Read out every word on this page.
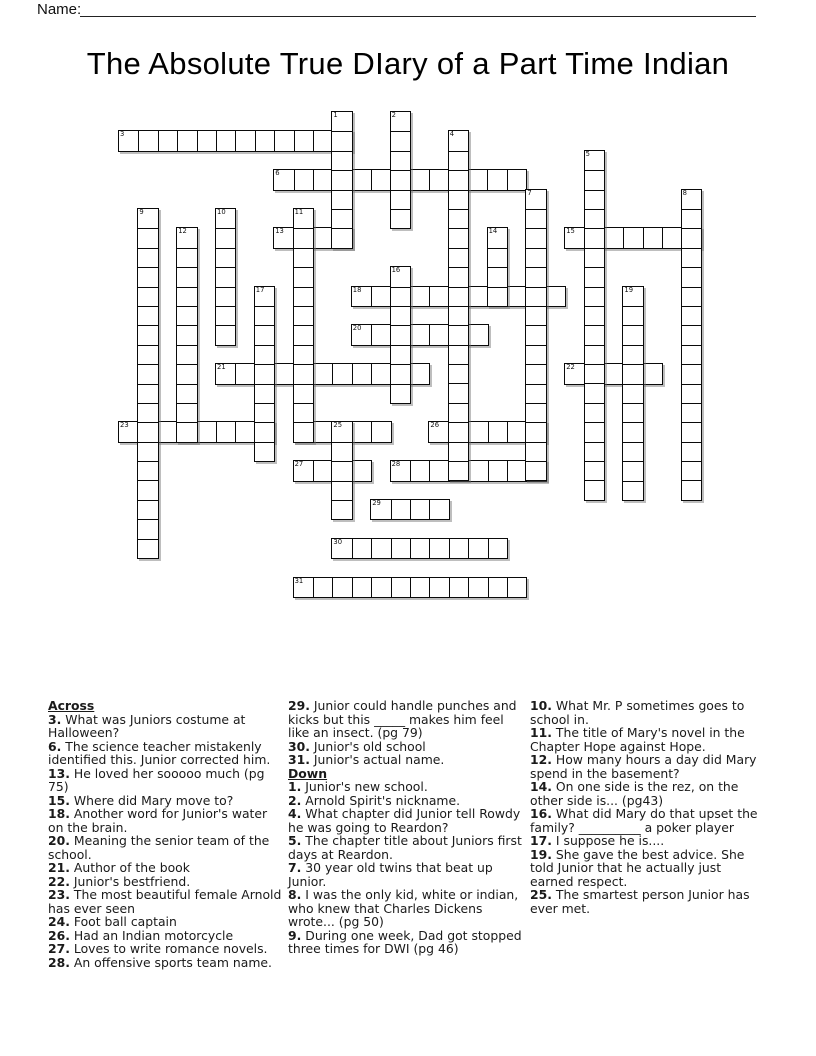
Name:
The Absolute True DIary of a Part Time Indian
3
6
13	15
18
20
21	22
23	26
27	28
29
30
31
1	2
4
5
7	8
9	10	11
12	14
16
17	19
25
Across
3. What was Juniors costume at Halloween?
6. The science teacher mistakenly identified this. Junior corrected him.
13. He loved her sooooo much (pg 75)
15. Where did Mary move to?
18. Another word for Junior's water on the brain.
20. Meaning the senior team of the school.
21. Author of the book
22. Junior's bestfriend.
23. The most beautiful female Arnold has ever seen
24. Foot ball captain
26. Had an Indian motorcycle
27. Loves to write romance novels.
28. An offensive sports team name.
29. Junior could handle punches and kicks but this _____ makes him feel like an insect. (pg 79)
30. Junior's old school
31. Junior's actual name.
Down
1. Junior's new school.
2. Arnold Spirit's nickname.
4. What chapter did Junior tell Rowdy he was going to Reardon?
5. The chapter title about Juniors first days at Reardon.
7. 30 year old twins that beat up Junior.
8. I was the only kid, white or indian, who knew that Charles Dickens wrote... (pg 50)
9. During one week, Dad got stopped three times for DWI (pg 46)
10. What Mr. P sometimes goes to school in.
11. The title of Mary's novel in the Chapter Hope against Hope.
12. How many hours a day did Mary spend in the basement?
14. On one side is the rez, on the other side is... (pg43)
16. What did Mary do that upset the family? __________ a poker player
17. I suppose he is....
19. She gave the best advice. She told Junior that he actually just earned respect.
25. The smartest person Junior has ever met.
